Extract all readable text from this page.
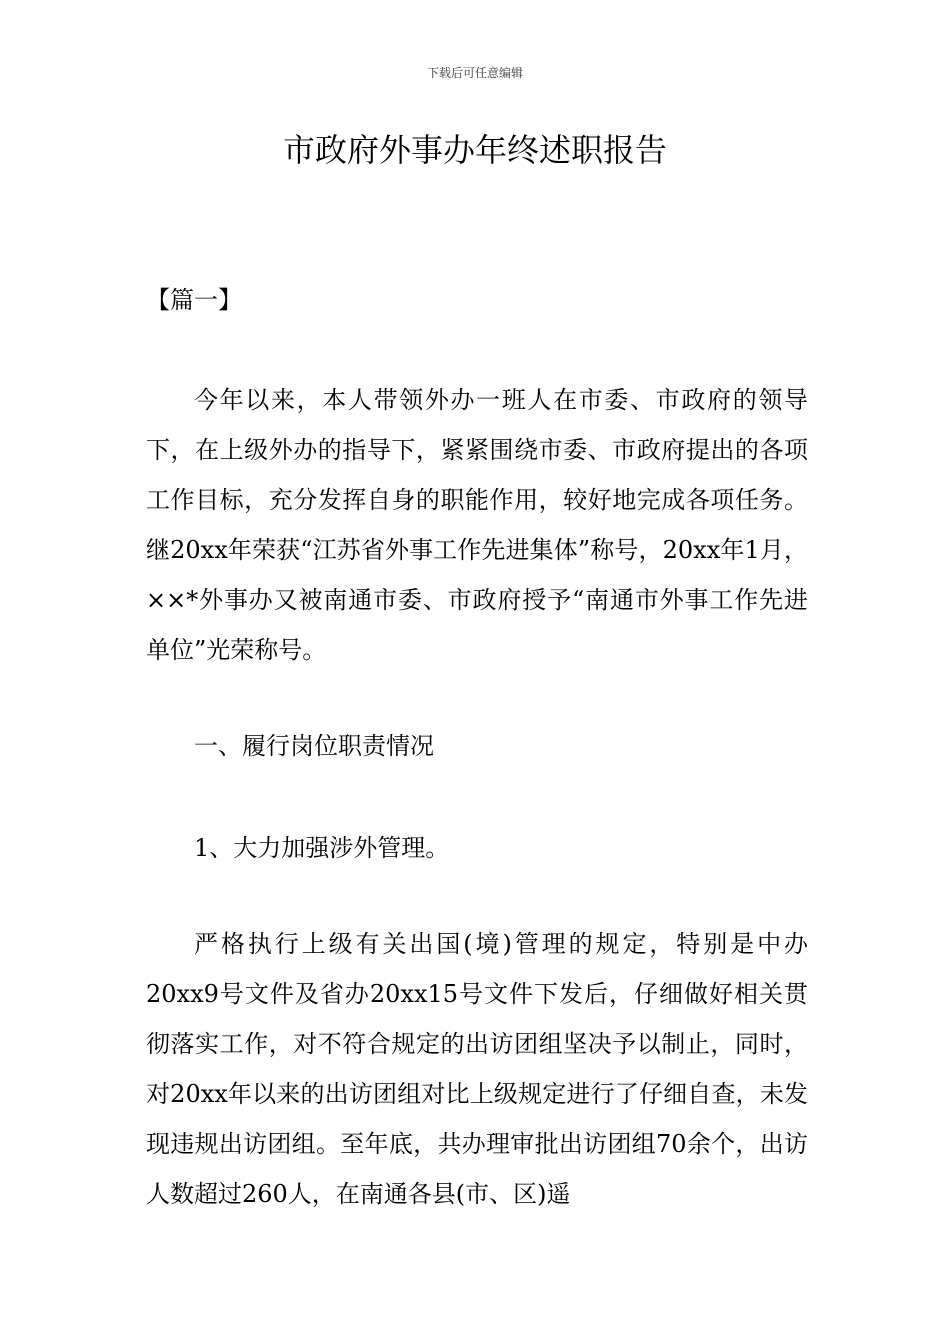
下载后可任意编辑
市政府外事办年终述职报告

【篇一】

今年以来，本人带领外办一班人在市委、市政府的领导下，在上级外办的指导下，紧紧围绕市委、市政府提出的各项工作目标，充分发挥自身的职能作用，较好地完成各项任务。继20xx年荣获“江苏省外事工作先进集体”称号，20xx年1月，××*外事办又被南通市委、市政府授予“南通市外事工作先进单位”光荣称号。

一、履行岗位职责情况

1、大力加强涉外管理。

严格执行上级有关出国(境)管理的规定，特别是中办20xx9号文件及省办20xx15号文件下发后，仔细做好相关贯彻落实工作，对不符合规定的出访团组坚决予以制止，同时，对20xx年以来的出访团组对比上级规定进行了仔细自查，未发现违规出访团组。至年底，共办理审批出访团组70余个，出访人数超过260人，在南通各县(市、区)遥
